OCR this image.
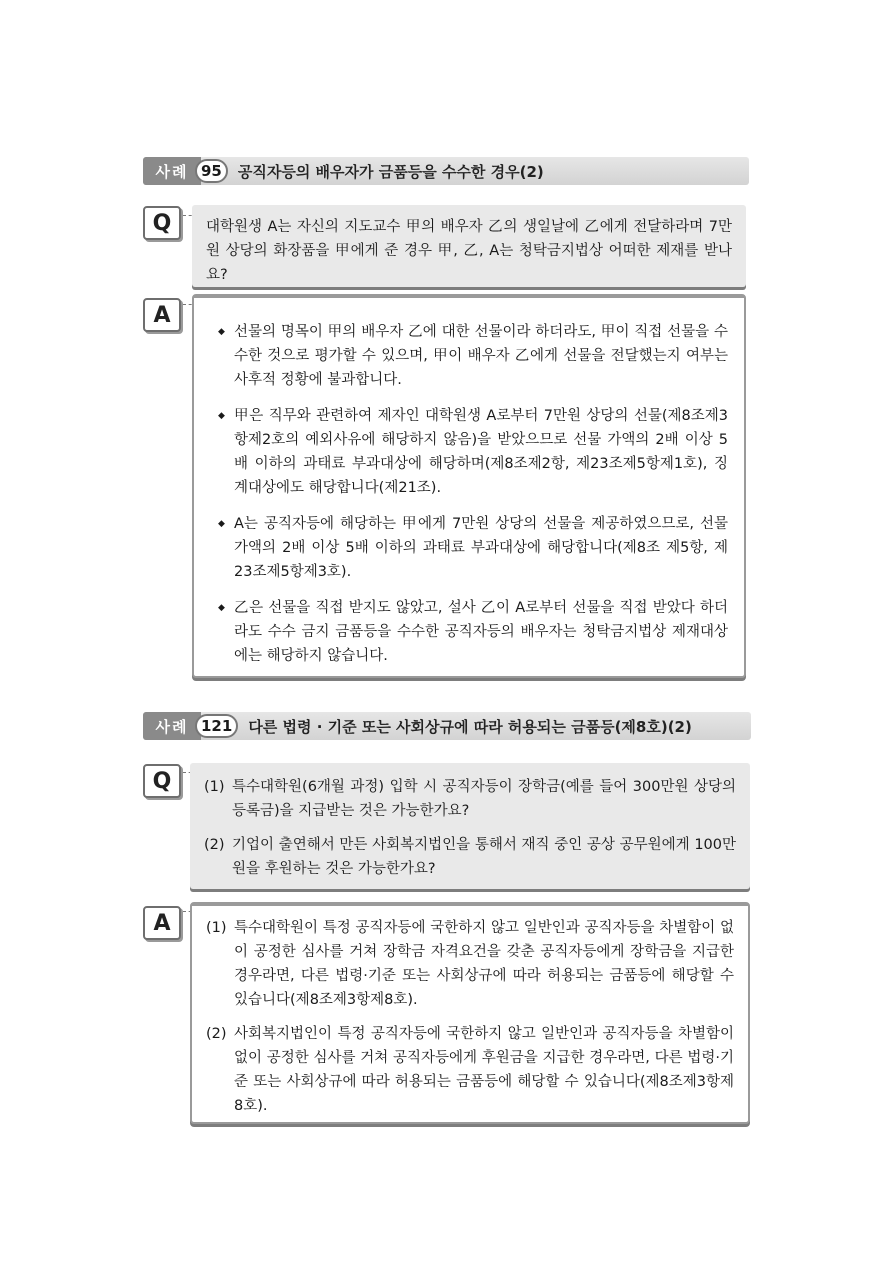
사례 95	공직자등의 배우자가 금품등을 수수한 경우(2)
Q	대학원생 A는 자신의 지도교수 甲의 배우자 乙의 생일날에 乙에게 전달하라며 7만원 상당의 화장품을 甲에게 준 경우 甲, 乙, A는 청탁금지법상 어떠한 제재를 받나요?
A
◆ 선물의 명목이 甲의 배우자 乙에 대한 선물이라 하더라도, 甲이 직접 선물을 수수한 것으로 평가할 수 있으며, 甲이 배우자 乙에게 선물을 전달했는지 여부는 사후적 정황에 불과합니다.
◆ 甲은 직무와 관련하여 제자인 대학원생 A로부터 7만원 상당의 선물(제8조제3항제2호의 예외사유에 해당하지 않음)을 받았으므로 선물 가액의 2배 이상 5배 이하의 과태료 부과대상에 해당하며(제8조제2항, 제23조제5항제1호), 징계대상에도 해당합니다(제21조).
◆ A는 공직자등에 해당하는 甲에게 7만원 상당의 선물을 제공하였으므로, 선물 가액의 2배 이상 5배 이하의 과태료 부과대상에 해당합니다(제8조 제5항, 제23조제5항제3호).
◆ 乙은 선물을 직접 받지도 않았고, 설사 乙이 A로부터 선물을 직접 받았다 하더라도 수수 금지 금품등을 수수한 공직자등의 배우자는 청탁금지법상 제재대상에는 해당하지 않습니다.
사례 121	다른 법령 · 기준 또는 사회상규에 따라 허용되는 금품등(제8호)(2)
Q	(1) 특수대학원(6개월 과정) 입학 시 공직자등이 장학금(예를 들어 300만원 상당의 등록금)을 지급받는 것은 가능한가요?
(2) 기업이 출연해서 만든 사회복지법인을 통해서 재직 중인 공상 공무원에게 100만원을 후원하는 것은 가능한가요?
A	(1) 특수대학원이 특정 공직자등에 국한하지 않고 일반인과 공직자등을 차별함이 없이 공정한 심사를 거쳐 장학금 자격요건을 갖춘 공직자등에게 장학금을 지급한 경우라면, 다른 법령·기준 또는 사회상규에 따라 허용되는 금품등에 해당할 수 있습니다(제8조제3항제8호).
(2) 사회복지법인이 특정 공직자등에 국한하지 않고 일반인과 공직자등을 차별함이 없이 공정한 심사를 거쳐 공직자등에게 후원금을 지급한 경우라면, 다른 법령·기준 또는 사회상규에 따라 허용되는 금품등에 해당할 수 있습니다(제8조제3항제8호).
